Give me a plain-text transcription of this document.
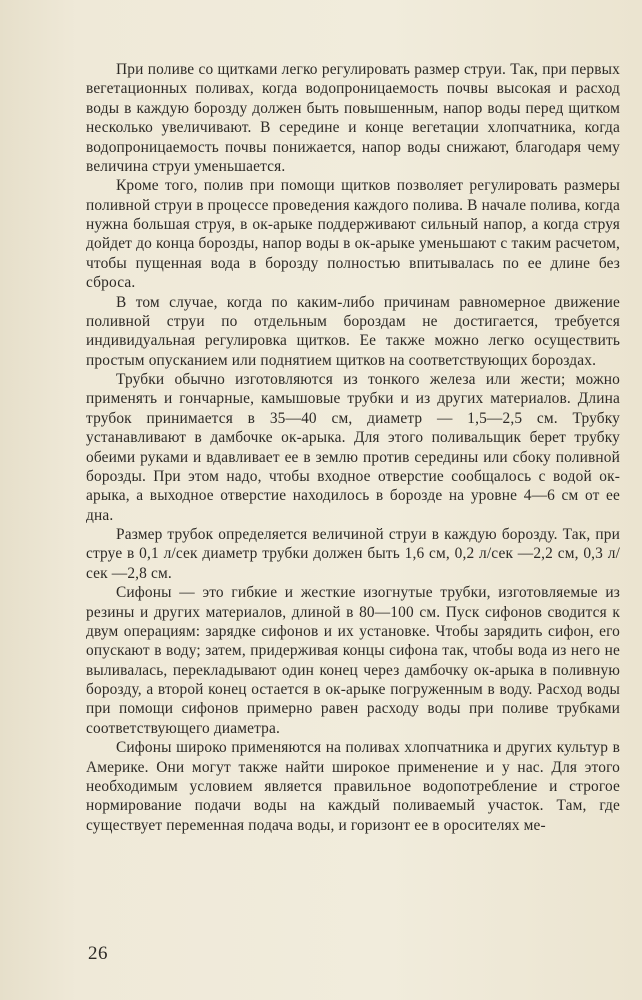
При поливе со щитками легко регулировать размер струи. Так, при первых вегетационных поливах, когда водопроницаемость почвы высокая и расход воды в каждую борозду должен быть повышенным, напор воды перед щитком несколько увеличивают. В середине и конце вегетации хлопчатника, когда водопроницаемость почвы понижается, напор воды снижают, благодаря чему величина струи уменьшается.

Кроме того, полив при помощи щитков позволяет регулировать размеры поливной струи в процессе проведения каждого полива. В начале полива, когда нужна большая струя, в ок-арыке поддерживают сильный напор, а когда струя дойдет до конца борозды, напор воды в ок-арыке уменьшают с таким расчетом, чтобы пущенная вода в борозду полностью впитывалась по ее длине без сброса.

В том случае, когда по каким-либо причинам равномерное движение поливной струи по отдельным бороздам не достигается, требуется индивидуальная регулировка щитков. Ее также можно легко осуществить простым опусканием или поднятием щитков на соответствующих бороздах.

Трубки обычно изготовляются из тонкого железа или жести; можно применять и гончарные, камышовые трубки и из других материалов. Длина трубок принимается в 35—40 см, диаметр — 1,5—2,5 см. Трубку устанавливают в дамбочке ок-арыка. Для этого поливальщик берет трубку обеими руками и вдавливает ее в землю против середины или сбоку поливной борозды. При этом надо, чтобы входное отверстие сообщалось с водой ок-арыка, а выходное отверстие находилось в борозде на уровне 4—6 см от ее дна.

Размер трубок определяется величиной струи в каждую борозду. Так, при струе в 0,1 л/сек диаметр трубки должен быть 1,6 см, 0,2 л/сек —2,2 см, 0,3 л/сек —2,8 см.

Сифоны — это гибкие и жесткие изогнутые трубки, изготовляемые из резины и других материалов, длиной в 80—100 см. Пуск сифонов сводится к двум операциям: зарядке сифонов и их установке. Чтобы зарядить сифон, его опускают в воду; затем, придерживая концы сифона так, чтобы вода из него не выливалась, перекладывают один конец через дамбочку ок-арыка в поливную борозду, а второй конец остается в ок-арыке погруженным в воду. Расход воды при помощи сифонов примерно равен расходу воды при поливе трубками соответствующего диаметра.

Сифоны широко применяются на поливах хлопчатника и других культур в Америке. Они могут также найти широкое применение и у нас. Для этого необходимым условием является правильное водопотребление и строгое нормирование подачи воды на каждый поливаемый участок. Там, где существует переменная подача воды, и горизонт ее в оросителях ме-

26
